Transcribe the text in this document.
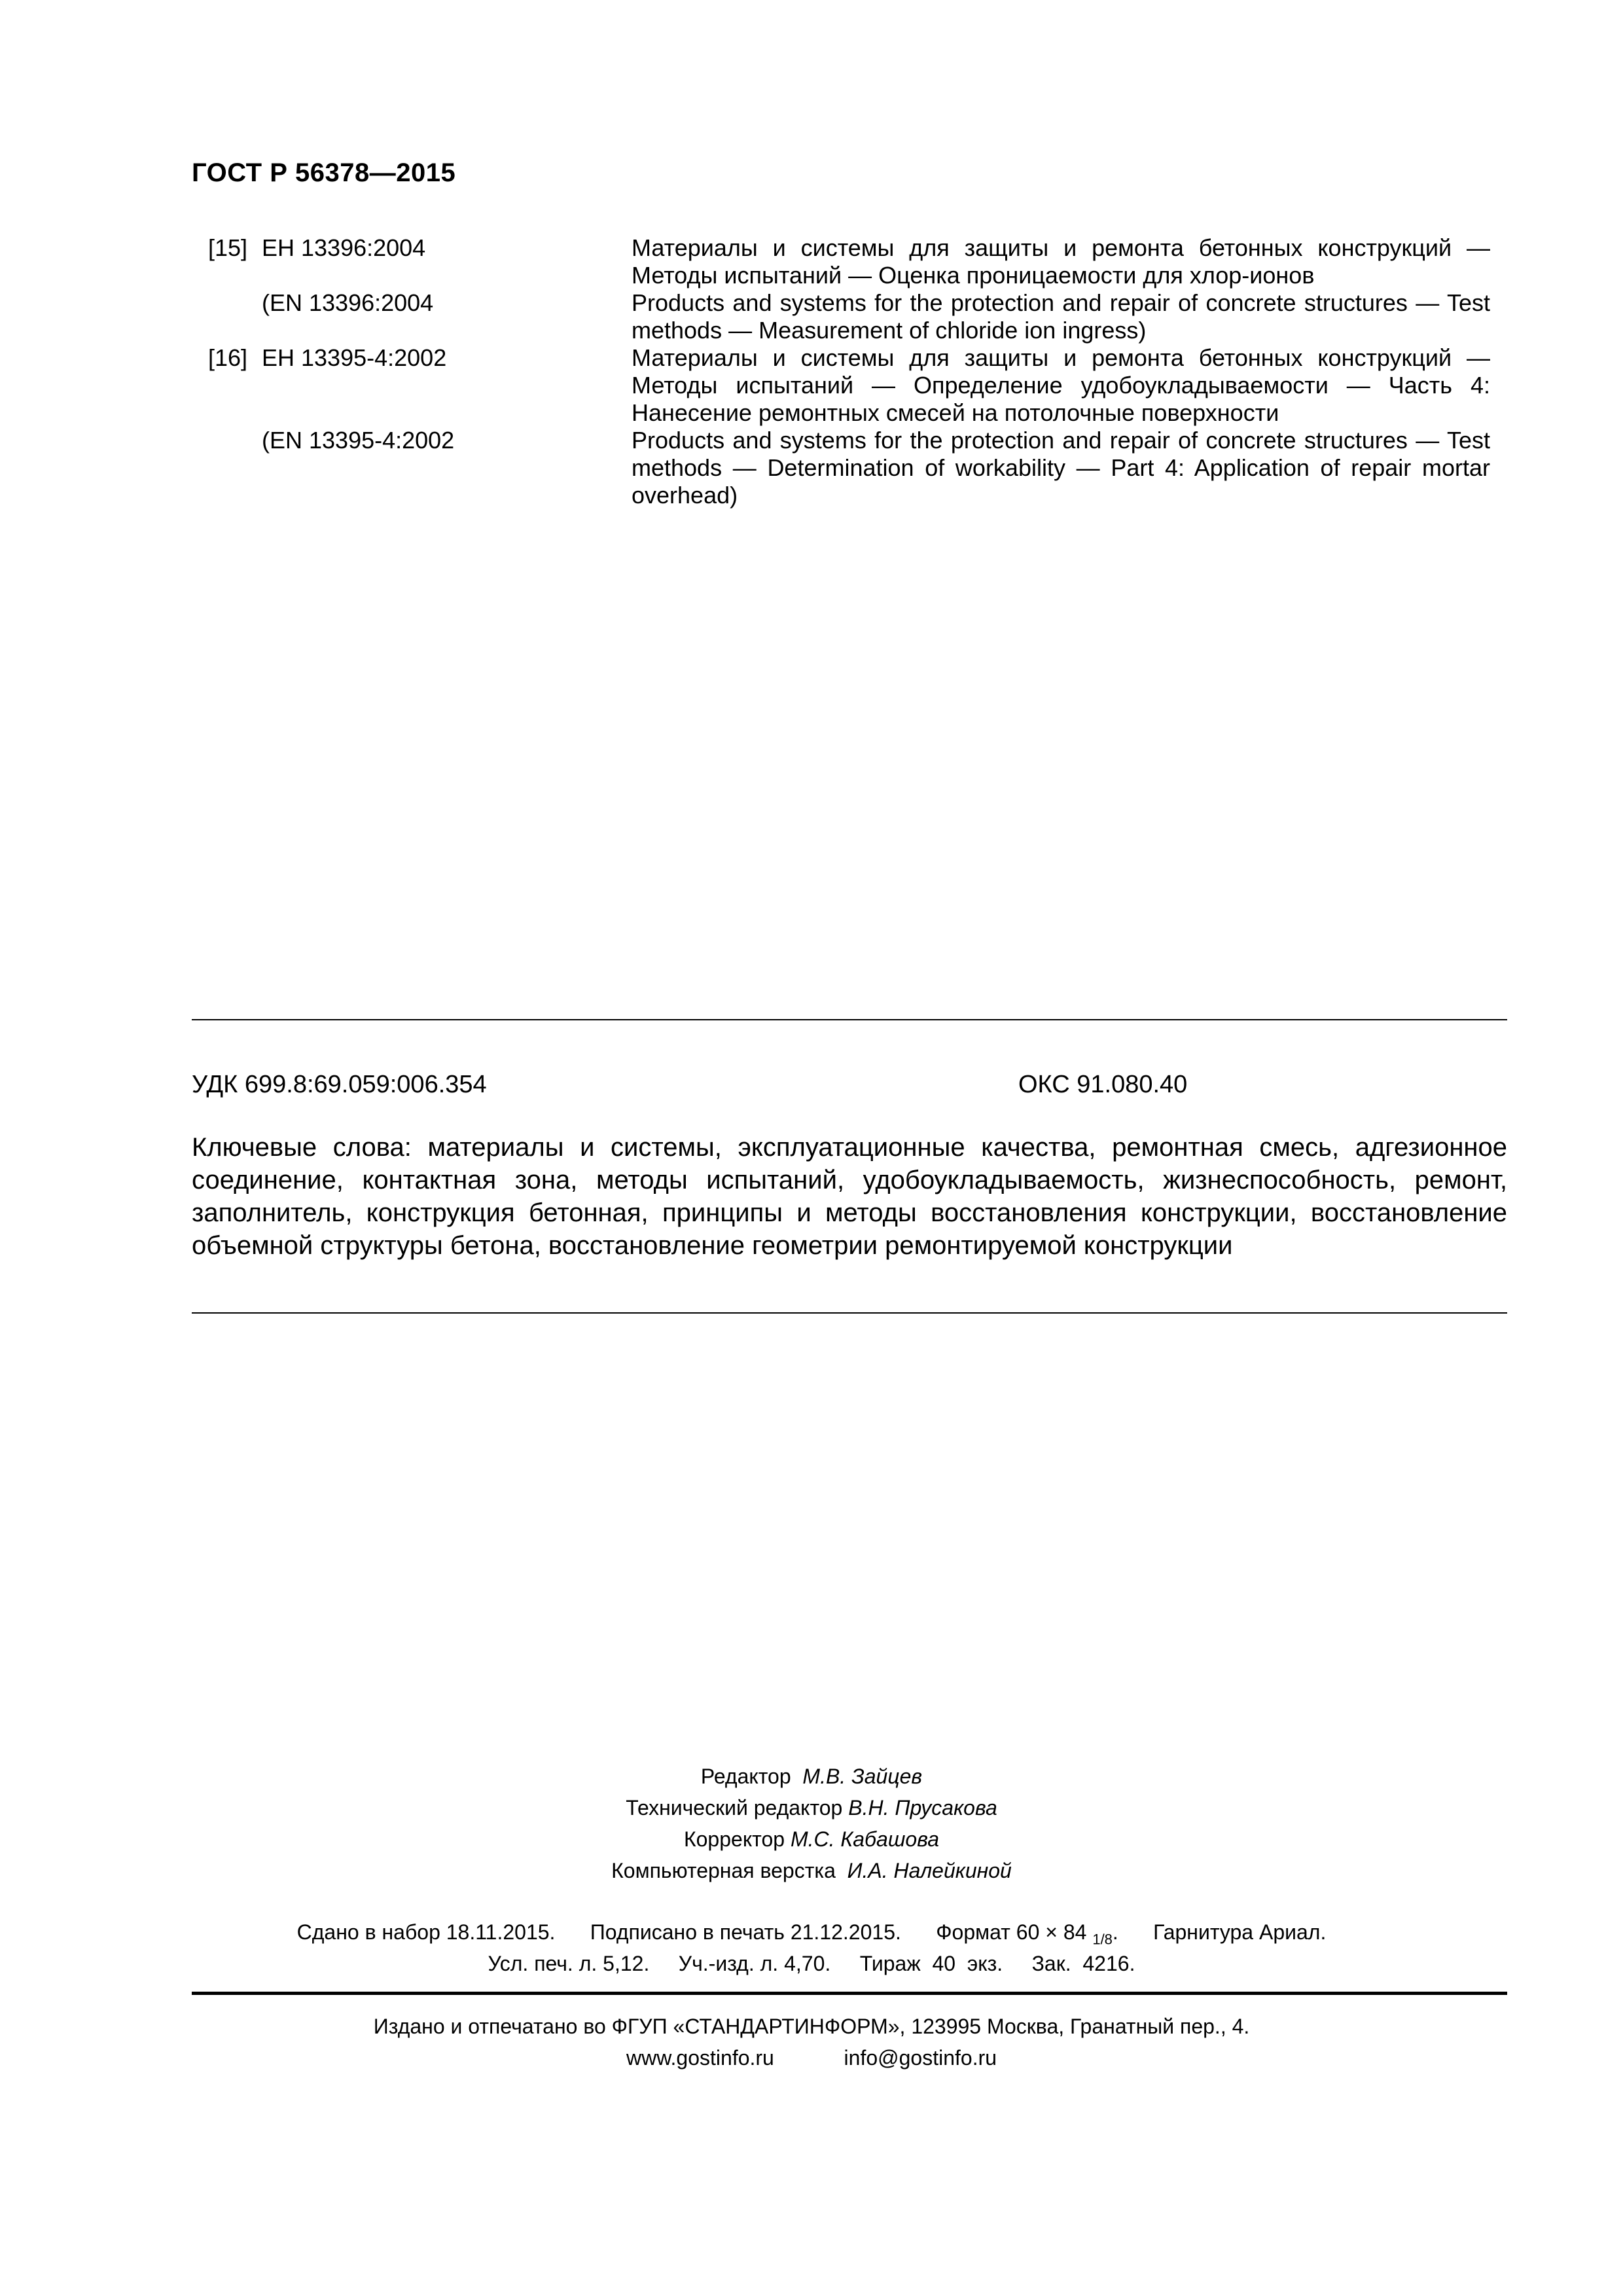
ГОСТ Р 56378—2015
[15] ЕН 13396:2004	Материалы и системы для защиты и ремонта бетонных конструкций — Методы испытаний — Оценка проницаемости для хлор-ионов
(EN 13396:2004	Products and systems for the protection and repair of concrete structures — Test methods — Measurement of chloride ion ingress)
[16] ЕН 13395-4:2002	Материалы и системы для защиты и ремонта бетонных конструкций — Методы испытаний — Определение удобоукладываемости — Часть 4: Нанесение ремонтных смесей на потолочные поверхности
(EN 13395-4:2002	Products and systems for the protection and repair of concrete structures — Test methods — Determination of workability — Part 4: Application of repair mortar overhead)
УДК 699.8:69.059:006.354	ОКС 91.080.40
Ключевые слова: материалы и системы, эксплуатационные качества, ремонтная смесь, адгезионное соединение, контактная зона, методы испытаний, удобоукладываемость, жизнеспособность, ремонт, заполнитель, конструкция бетонная, принципы и методы восстановления конструкции, восстановление объемной структуры бетона, восстановление геометрии ремонтируемой конструкции
Редактор М.В. Зайцев
Технический редактор В.Н. Прусакова
Корректор М.С. Кабашова
Компьютерная верстка И.А. Налейкиной
Сдано в набор 18.11.2015.      Подписано в печать 21.12.2015.      Формат 60 × 84 $_{1/8}$.      Гарнитура Ариал.
Усл. печ. л. 5,12.     Уч.-изд. л. 4,70.     Тираж  40  экз.     Зак.  4216.
Издано и отпечатано во ФГУП «СТАНДАРТИНФОРМ», 123995 Москва, Гранатный пер., 4.
www.gostinfo.ru	info@gostinfo.ru
